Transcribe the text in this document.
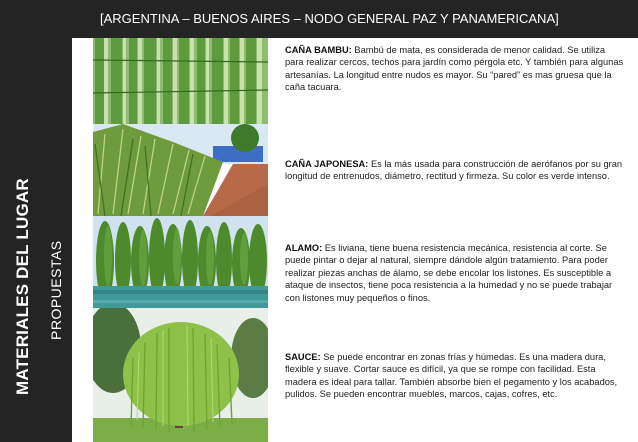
[ARGENTINA – BUENOS AIRES – NODO GENERAL PAZ Y PANAMERICANA]
MATERIALES DEL LUGAR PROPUESTAS
CAÑA BAMBU: Bambú de mata, es considerada de menor calidad. Se utiliza para realizar cercos, techos para jardín como pérgola etc. Y también para algunas artesanías. La longitud entre nudos es mayor. Su “pared” es mas gruesa que la caña tacuara.
CAÑA JAPONESA: Es la más usada para construcción de aerófanos por su gran longitud de entrenudos, diámetro, rectitud y firmeza. Su color es verde intenso.
ALAMO: Es liviana, tiene buena resistencia mecánica, resistencia al corte. Se puede pintar o dejar al natural, siempre dándole algún tratamiento. Para poder realizar piezas anchas de álamo, se debe encolar los listones. Es susceptible a ataque de insectos, tiene poca resistencia a la humedad y no se puede trabajar con listones muy pequeños o finos.
SAUCE: Se puede encontrar en zonas frías y húmedas. Es una madera dura, flexible y suave. Cortar sauce es difícil, ya que se rompe con facilidad. Esta madera es ideal para tallar. También absorbe bien el pegamento y los acabados, pulidos. Se pueden encontrar muebles, marcos, cajas, cofres, etc.
